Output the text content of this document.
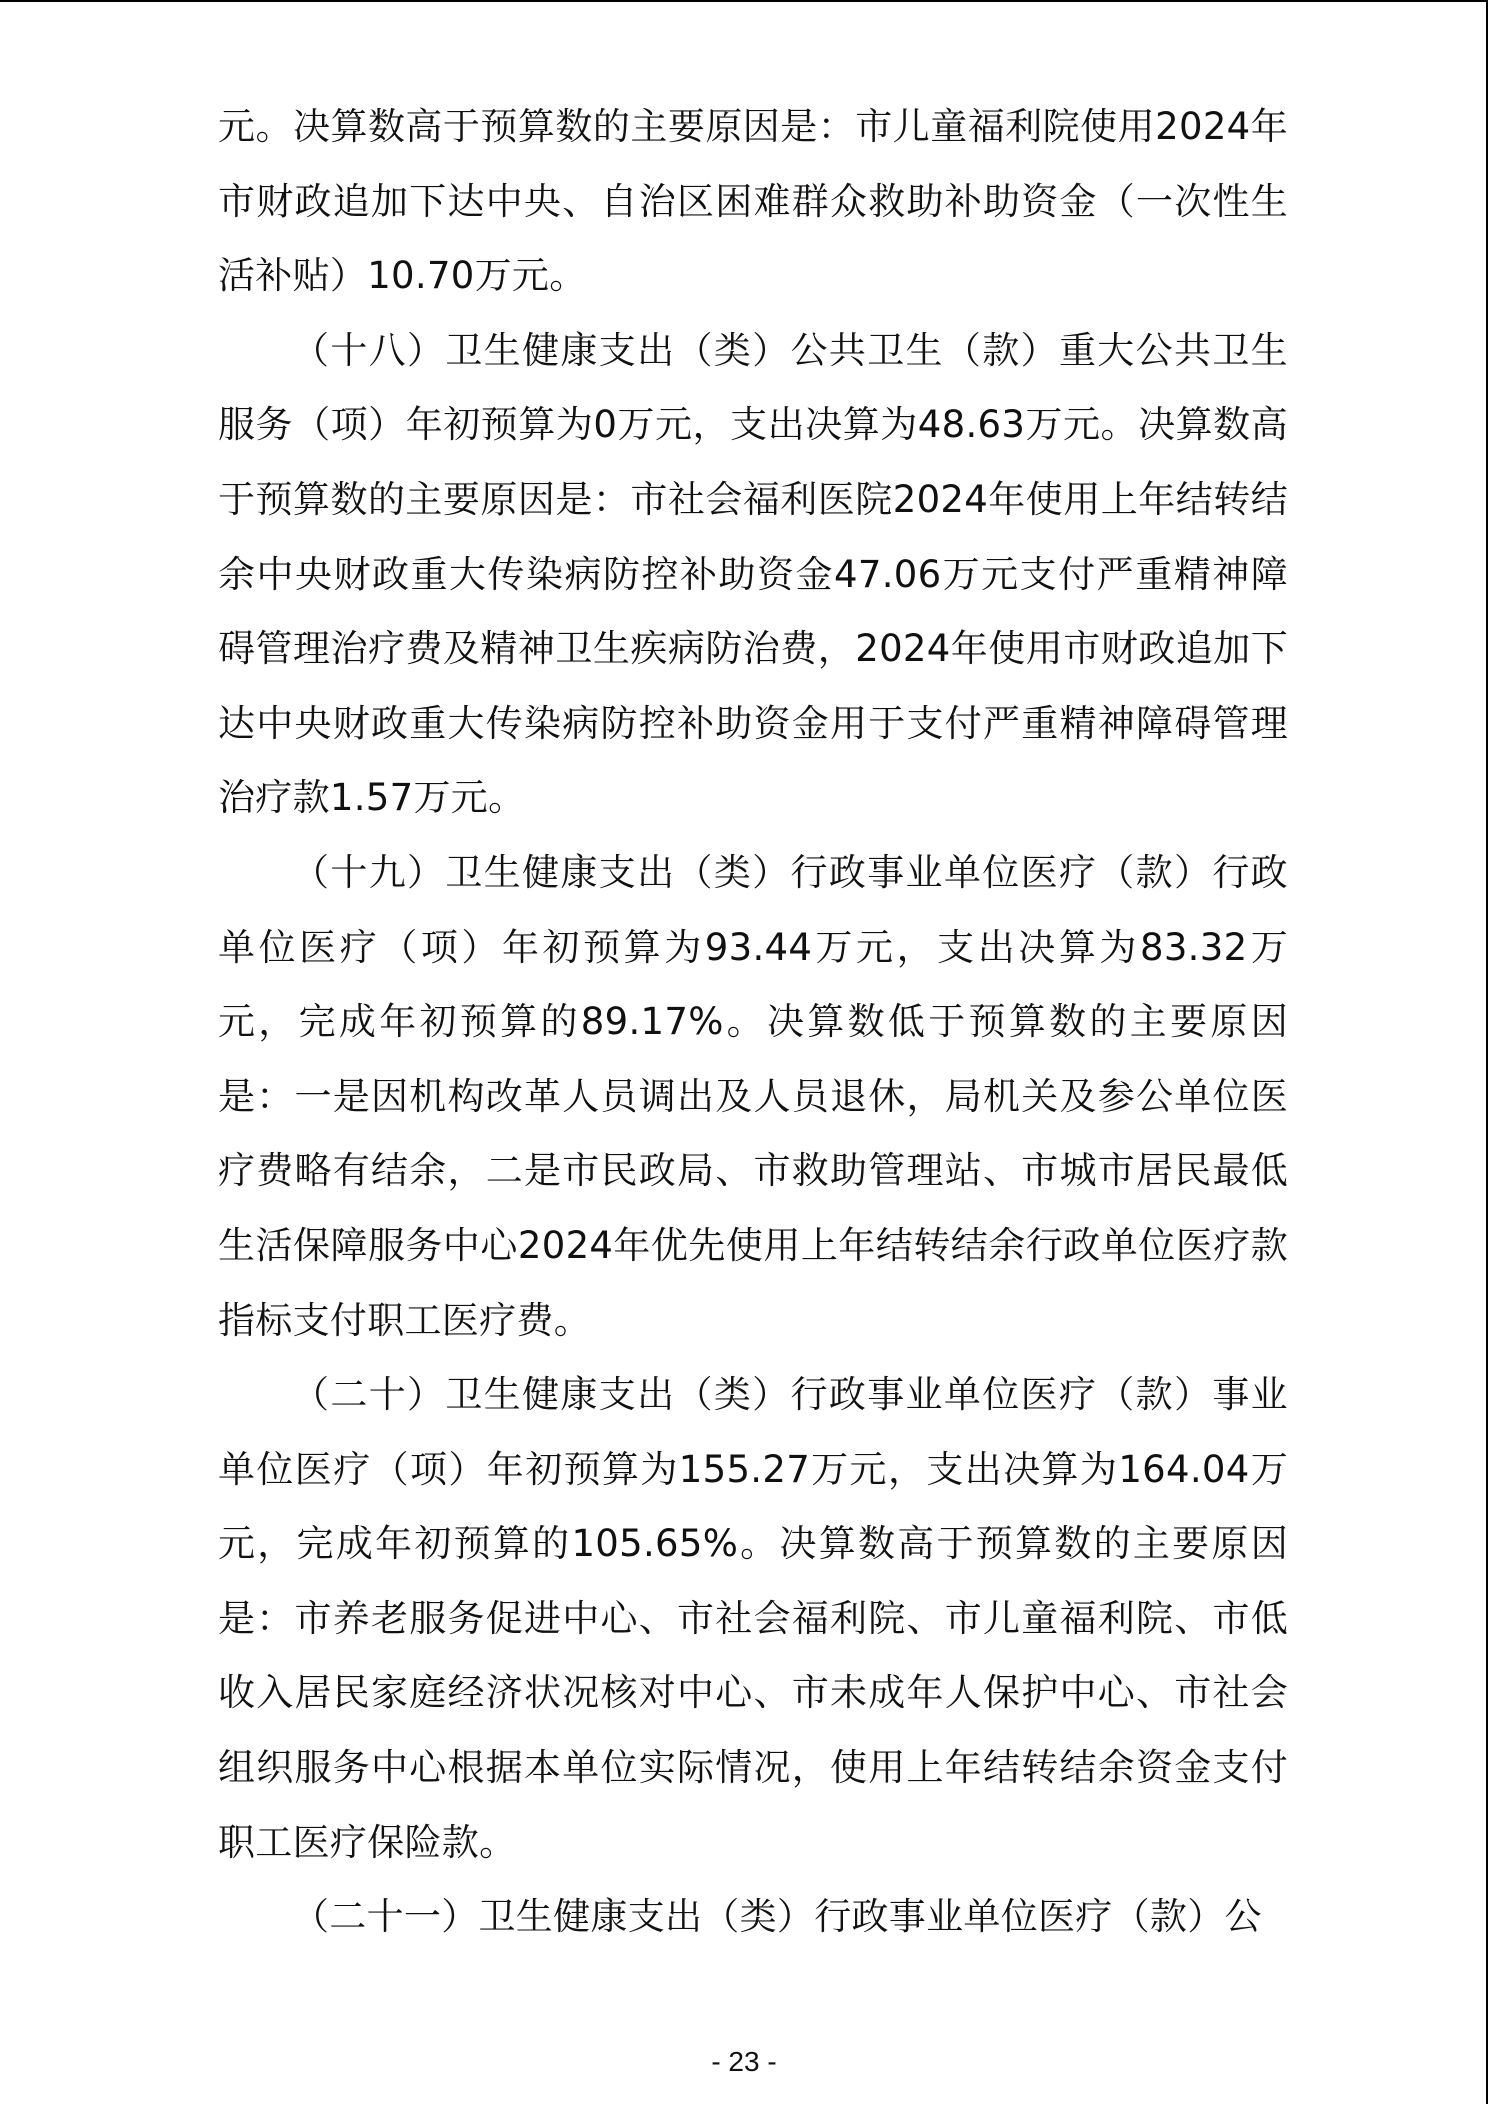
元。决算数高于预算数的主要原因是：市儿童福利院使用2024年市财政追加下达中央、自治区困难群众救助补助资金（一次性生活补贴）10.70万元。

（十八）卫生健康支出（类）公共卫生（款）重大公共卫生服务（项）年初预算为0万元，支出决算为48.63万元。决算数高于预算数的主要原因是：市社会福利医院2024年使用上年结转结余中央财政重大传染病防控补助资金47.06万元支付严重精神障碍管理治疗费及精神卫生疾病防治费，2024年使用市财政追加下达中央财政重大传染病防控补助资金用于支付严重精神障碍管理治疗款1.57万元。

（十九）卫生健康支出（类）行政事业单位医疗（款）行政单位医疗（项）年初预算为93.44万元，支出决算为83.32万元，完成年初预算的89.17%。决算数低于预算数的主要原因是：一是因机构改革人员调出及人员退休，局机关及参公单位医疗费略有结余，二是市民政局、市救助管理站、市城市居民最低生活保障服务中心2024年优先使用上年结转结余行政单位医疗款指标支付职工医疗费。

（二十）卫生健康支出（类）行政事业单位医疗（款）事业单位医疗（项）年初预算为155.27万元，支出决算为164.04万元，完成年初预算的105.65%。决算数高于预算数的主要原因是：市养老服务促进中心、市社会福利院、市儿童福利院、市低收入居民家庭经济状况核对中心、市未成年人保护中心、市社会组织服务中心根据本单位实际情况，使用上年结转结余资金支付职工医疗保险款。

（二十一）卫生健康支出（类）行政事业单位医疗（款）公

- 23 -
